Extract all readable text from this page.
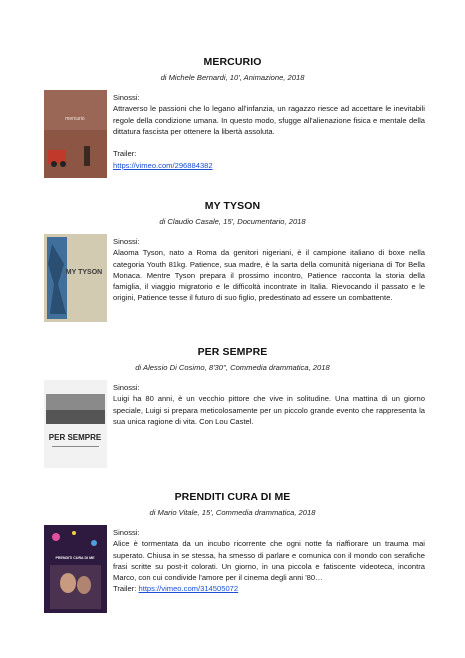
MERCURIO
di Michele Bernardi, 10', Animazione, 2018
mercurio

Sinossi:

Attraverso le passioni che lo legano all'infanzia, un ragazzo riesce ad accettare le inevitabili regole della condizione umana. In questo modo, sfugge all'alienazione fisica e mentale della dittatura fascista per ottenere la libertà assoluta.

Trailer:

https://vimeo.com/296884382

MY TYSON
di Claudio Casale, 15', Documentario, 2018
MY TYSON

Sinossi:

Alaoma Tyson, nato a Roma da genitori nigeriani, è il campione italiano di boxe nella categoria Youth 81kg. Patience, sua madre, è la sarta della comunità nigeriana di Tor Bella Monaca. Mentre Tyson prepara il prossimo incontro, Patience racconta la storia della famiglia, il viaggio migratorio e le difficoltà incontrate in Italia. Rievocando il passato e le origini, Patience tesse il futuro di suo figlio, predestinato ad essere un combattente.

PER SEMPRE
di Alessio Di Cosimo, 8'30'', Commedia drammatica, 2018
PER SEMPRE

Sinossi:

Luigi ha 80 anni, è un vecchio pittore che vive in solitudine. Una mattina di un giorno speciale, Luigi si prepara meticolosamente per un piccolo grande evento che rappresenta la sua unica ragione di vita. Con Lou Castel.

PRENDITI CURA DI ME
di Mario Vitale, 15', Commedia drammatica, 2018
PRENDITI CURA DI ME

Sinossi:

Alice è tormentata da un incubo ricorrente che ogni notte fa riaffiorare un trauma mai superato. Chiusa in se stessa, ha smesso di parlare e comunica con il mondo con serafiche frasi scritte su post-it colorati. Un giorno, in una piccola e fatiscente videoteca, incontra Marco, con cui condivide l'amore per il cinema degli anni '80…

Trailer: https://vimeo.com/314505072
